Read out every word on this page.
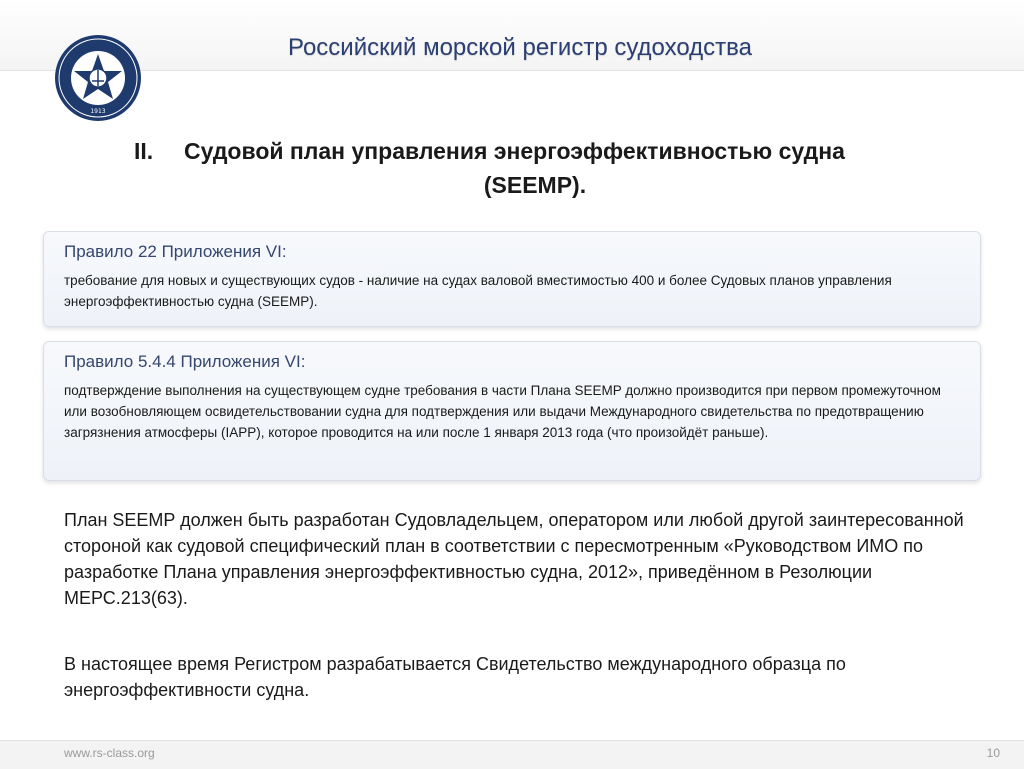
1913
Российский морской регистр судоходства
II. Судовой план управления энергоэффективностью судна
(SEEMP).
Правило 22 Приложения VI:
требование для новых и существующих судов - наличие на судах валовой вместимостью 400 и более Судовых планов управления энергоэффективностью судна (SEEMP).
Правило 5.4.4 Приложения VI:
подтверждение выполнения на существующем судне требования в части Плана SEEMP должно производится при первом промежуточном или возобновляющем освидетельствовании судна для подтверждения или выдачи Международного свидетельства по предотвращению загрязнения атмосферы (IAPP), которое проводится на или после 1 января 2013 года (что произойдёт раньше).
План SEEMP должен быть разработан Судовладельцем, оператором или любой другой заинтересованной стороной как судовой специфический план в соответствии с пересмотренным «Руководством ИМО по разработке Плана управления энергоэффективностью судна, 2012», приведённом в Резолюции МЕРС.213(63).
В настоящее время Регистром разрабатывается Свидетельство международного образца по энергоэффективности судна.
www.rs-class.org	10
